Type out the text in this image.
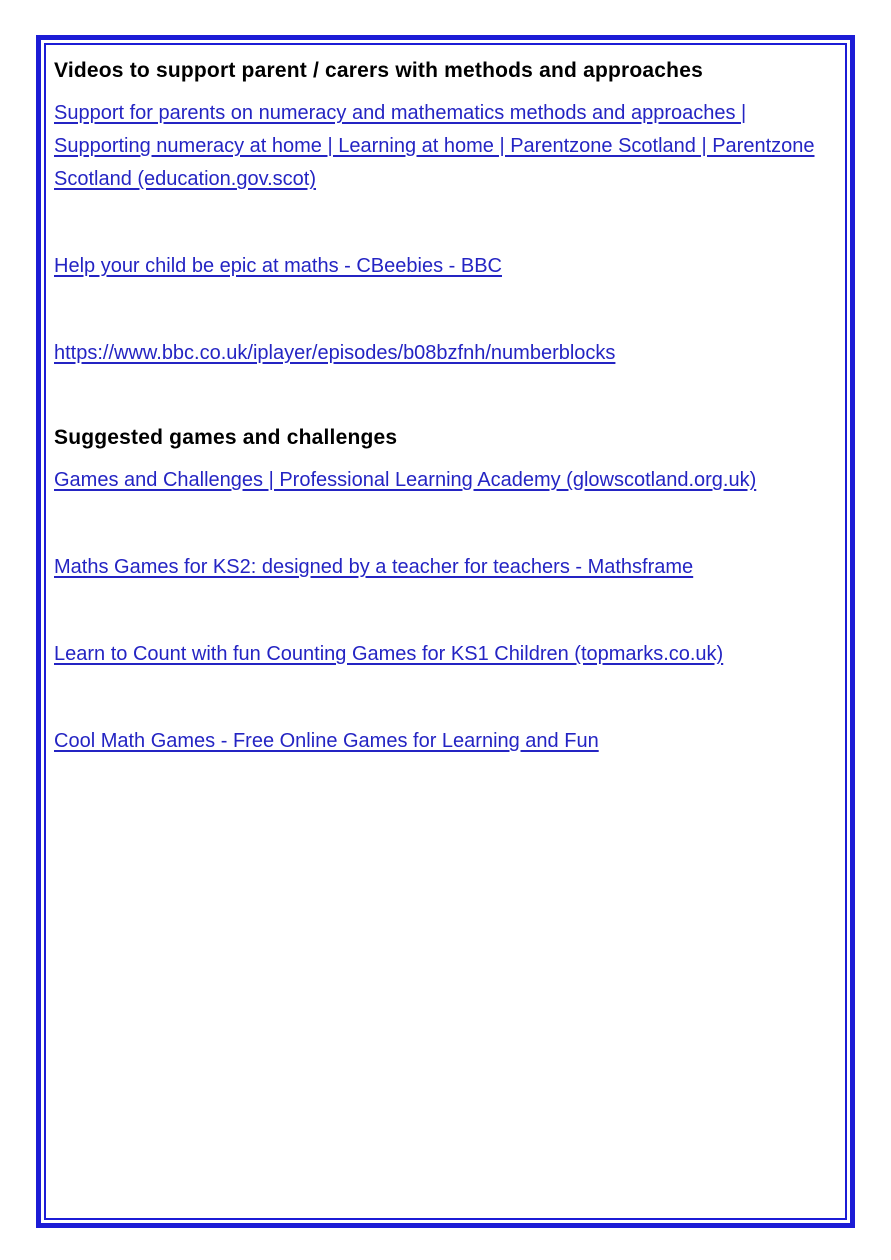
Videos to support parent / carers with methods and approaches

Support for parents on numeracy and mathematics methods and approaches | Supporting numeracy at home | Learning at home | Parentzone Scotland | Parentzone Scotland (education.gov.scot)

Help your child be epic at maths - CBeebies - BBC

https://www.bbc.co.uk/iplayer/episodes/b08bzfnh/numberblocks

Suggested games and challenges

Games and Challenges | Professional Learning Academy (glowscotland.org.uk)

Maths Games for KS2: designed by a teacher for teachers - Mathsframe

Learn to Count with fun Counting Games for KS1 Children (topmarks.co.uk)

Cool Math Games - Free Online Games for Learning and Fun
